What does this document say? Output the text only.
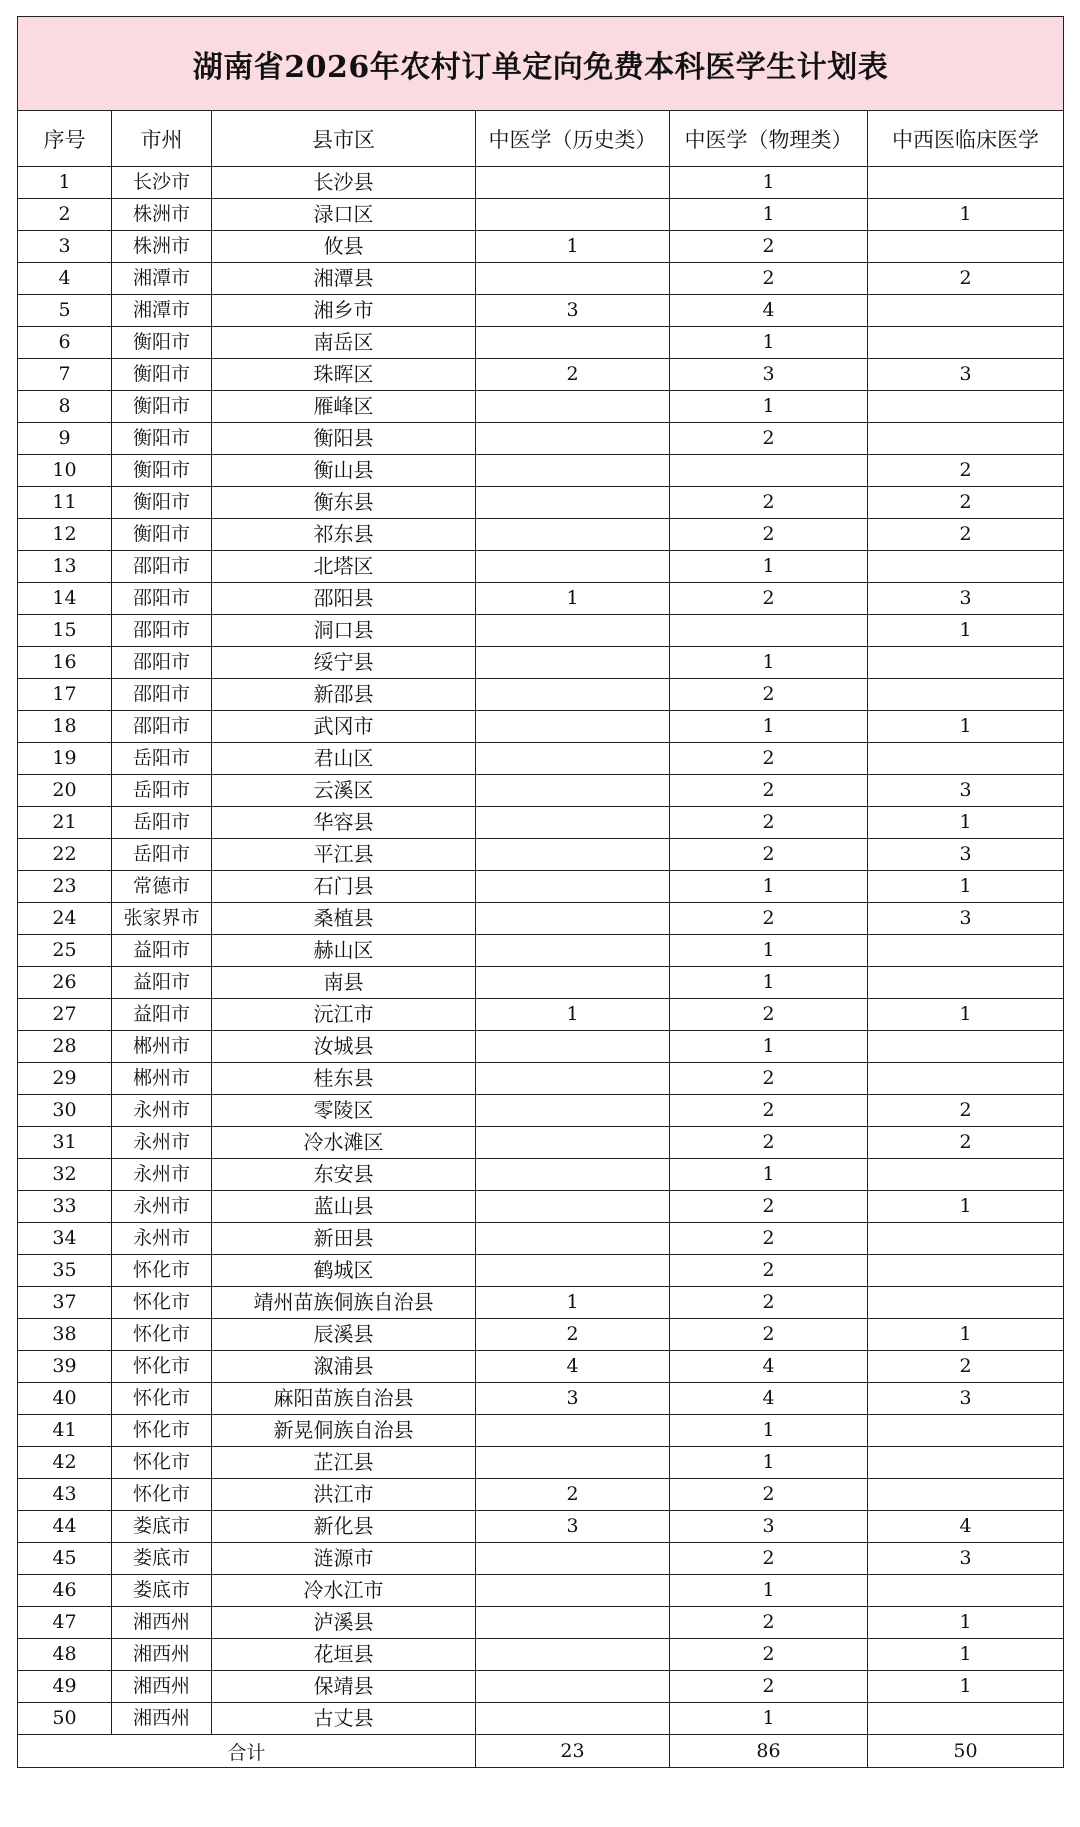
湖南省2026年农村订单定向免费本科医学生计划表					
序号	市州	县市区	中医学（历史类）	中医学（物理类）	中西医临床医学
1	长沙市	长沙县		1	
2	株洲市	渌口区		1	1
3	株洲市	攸县	1	2	
4	湘潭市	湘潭县		2	2
5	湘潭市	湘乡市	3	4	
6	衡阳市	南岳区		1	
7	衡阳市	珠晖区	2	3	3
8	衡阳市	雁峰区		1	
9	衡阳市	衡阳县		2	
10	衡阳市	衡山县			2
11	衡阳市	衡东县		2	2
12	衡阳市	祁东县		2	2
13	邵阳市	北塔区		1	
14	邵阳市	邵阳县	1	2	3
15	邵阳市	洞口县			1
16	邵阳市	绥宁县		1	
17	邵阳市	新邵县		2	
18	邵阳市	武冈市		1	1
19	岳阳市	君山区		2	
20	岳阳市	云溪区		2	3
21	岳阳市	华容县		2	1
22	岳阳市	平江县		2	3
23	常德市	石门县		1	1
24	张家界市	桑植县		2	3
25	益阳市	赫山区		1	
26	益阳市	南县		1	
27	益阳市	沅江市	1	2	1
28	郴州市	汝城县		1	
29	郴州市	桂东县		2	
30	永州市	零陵区		2	2
31	永州市	冷水滩区		2	2
32	永州市	东安县		1	
33	永州市	蓝山县		2	1
34	永州市	新田县		2	
35	怀化市	鹤城区		2	
37	怀化市	靖州苗族侗族自治县	1	2	
38	怀化市	辰溪县	2	2	1
39	怀化市	溆浦县	4	4	2
40	怀化市	麻阳苗族自治县	3	4	3
41	怀化市	新晃侗族自治县		1	
42	怀化市	芷江县		1	
43	怀化市	洪江市	2	2	
44	娄底市	新化县	3	3	4
45	娄底市	涟源市		2	3
46	娄底市	冷水江市		1	
47	湘西州	泸溪县		2	1
48	湘西州	花垣县		2	1
49	湘西州	保靖县		2	1
50	湘西州	古丈县		1	
合计			23	86	50
